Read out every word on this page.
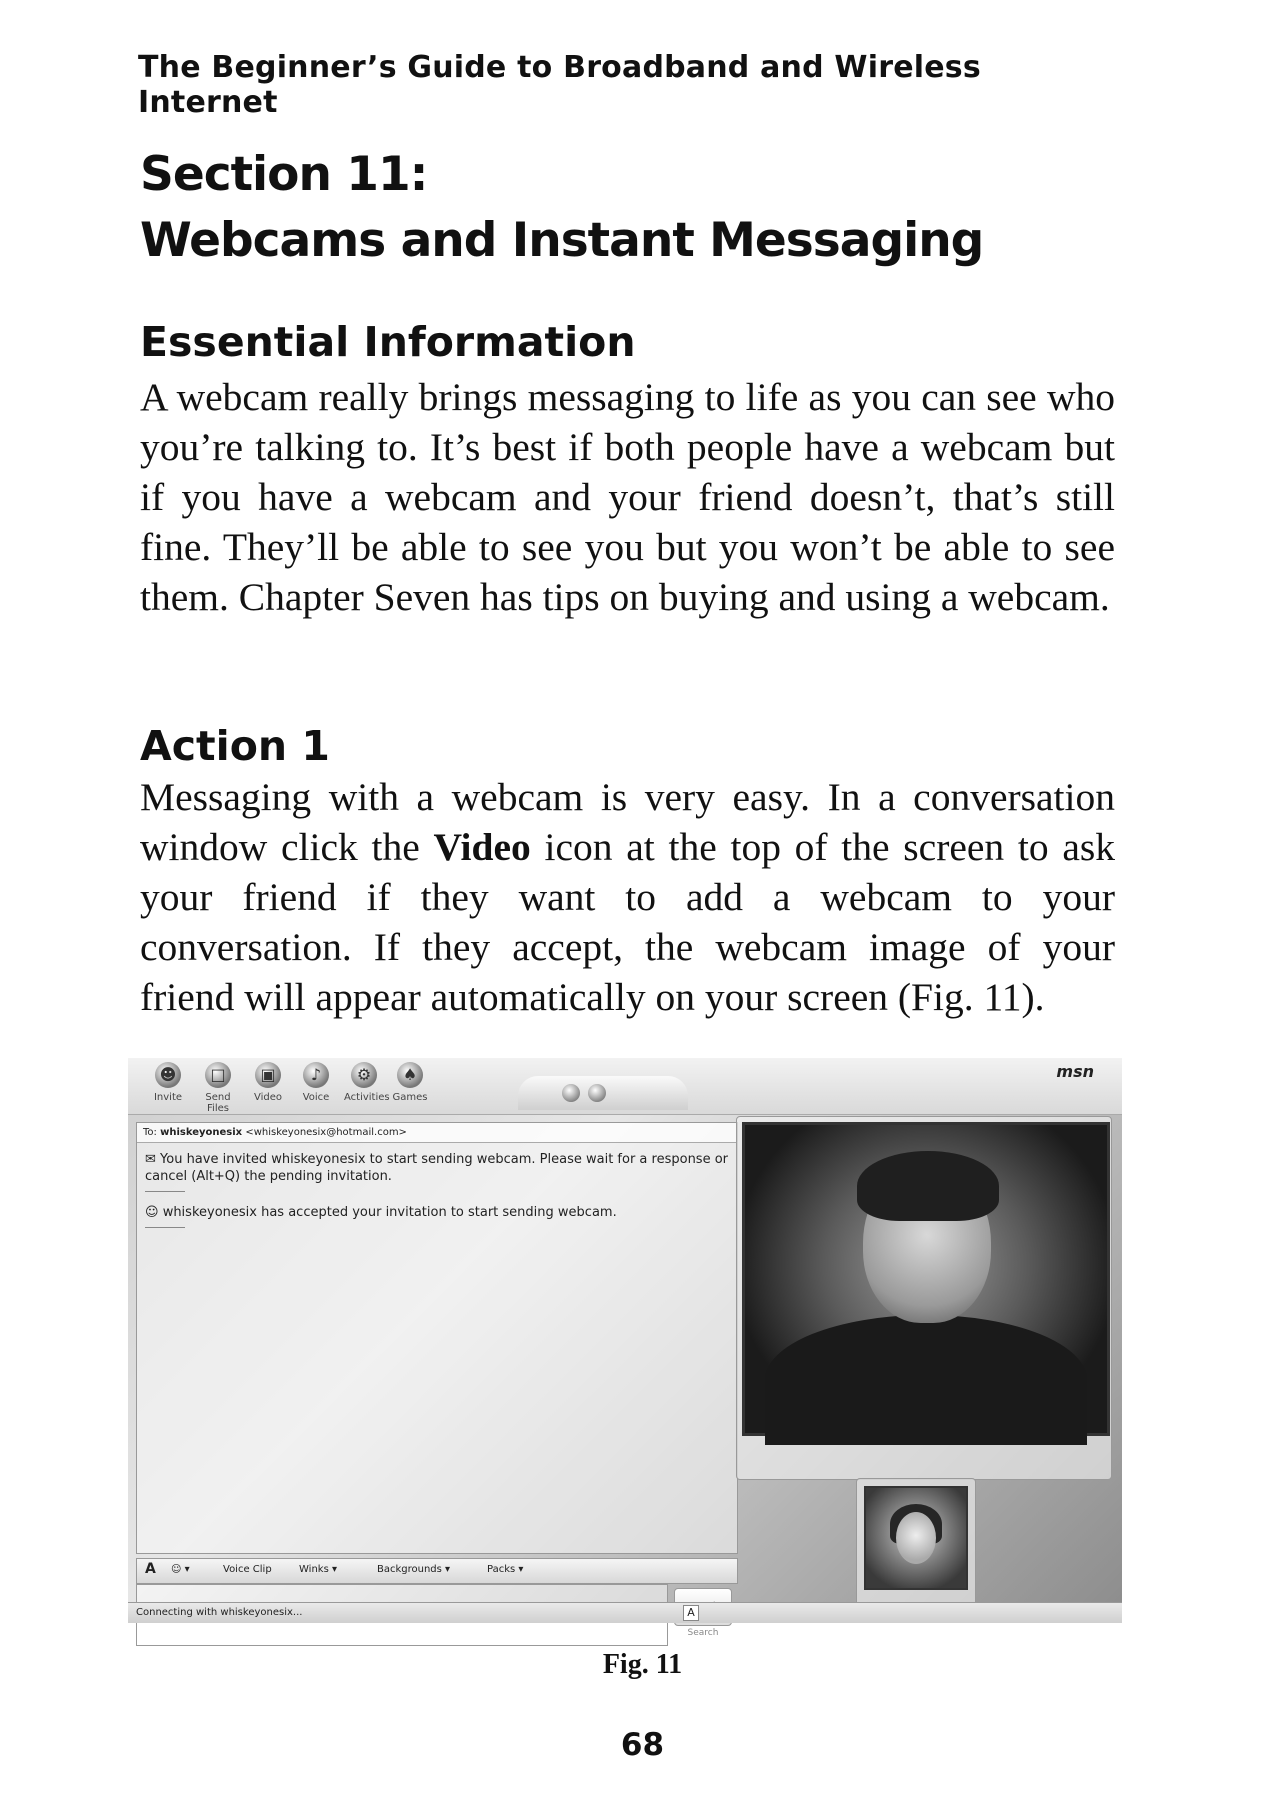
The Beginner’s Guide to Broadband and Wireless Internet
Section 11:
Webcams and Instant Messaging
Essential Information

A webcam really brings messaging to life as you can see who you’re talking to. It’s best if both people have a webcam but if you have a webcam and your friend doesn’t, that’s still fine. They’ll be able to see you but you won’t be able to see them. Chapter Seven has tips on buying and using a webcam.

Action 1

Messaging with a webcam is very easy. In a conversation window click the Video icon at the top of the screen to ask your friend if they want to add a webcam to your conversation. If they accept, the webcam image of your friend will appear automatically on your screen (Fig. 11).

☻
Invite
□
Send Files
▣
Video
♪
Voice
⚙
Activities
♠
Games
msn
To: whiskeyonesix <whiskeyonesix@hotmail.com>
✉ You have invited whiskeyonesix to start sending webcam. Please wait for a response or cancel (Alt+Q) the pending invitation.
☺ whiskeyonesix has accepted your invitation to start sending webcam.
A ☺ ▾	Voice Clip	Winks ▾	Backgrounds ▾	Packs ▾
Search
Connecting with whiskeyonesix...	A
Fig. 11
68
